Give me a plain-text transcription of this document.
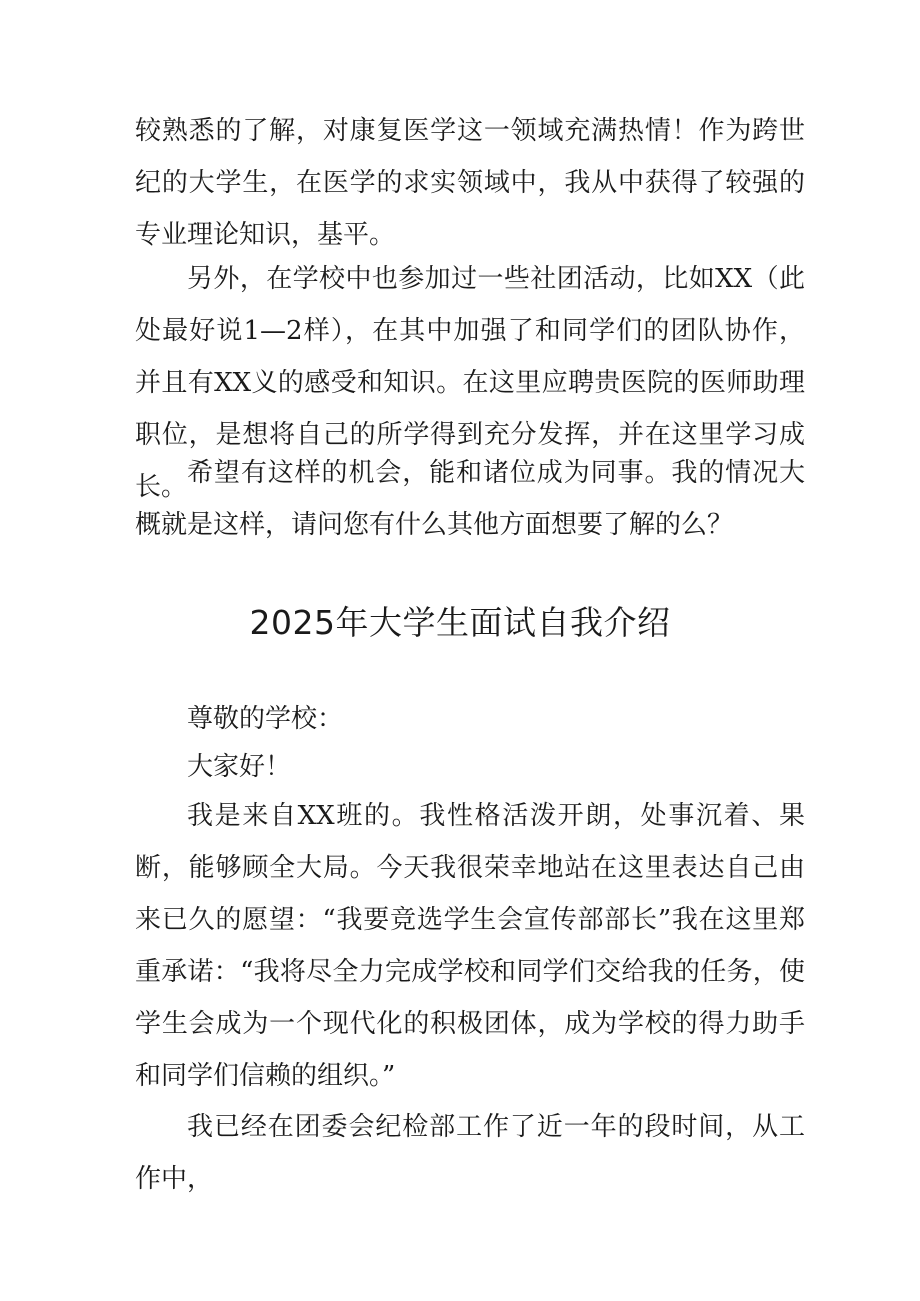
较熟悉的了解，对康复医学这一领域充满热情！作为跨世纪的大学生，在医学的求实领域中，我从中获得了较强的专业理论知识，基平。

另外，在学校中也参加过一些社团活动，比如XX（此处最好说1—2样），在其中加强了和同学们的团队协作，并且有XX义的感受和知识。在这里应聘贵医院的医师助理职位，是想将自己的所学得到充分发挥，并在这里学习成长。 希望有这样的机会，能和诸位成为同事。我的情况大概就是这样，请问您有什么其他方面想要了解的么？

2025年大学生面试自我介绍

尊敬的学校：

大家好！

我是来自XX班的。我性格活泼开朗，处事沉着、果断，能够顾全大局。今天我很荣幸地站在这里表达自己由来已久的愿望：“我要竞选学生会宣传部部长”我在这里郑重承诺：“我将尽全力完成学校和同学们交给我的任务，使学生会成为一个现代化的积极团体，成为学校的得力助手和同学们信赖的组织。”

我已经在团委会纪检部工作了近一年的段时间，从工作中，
